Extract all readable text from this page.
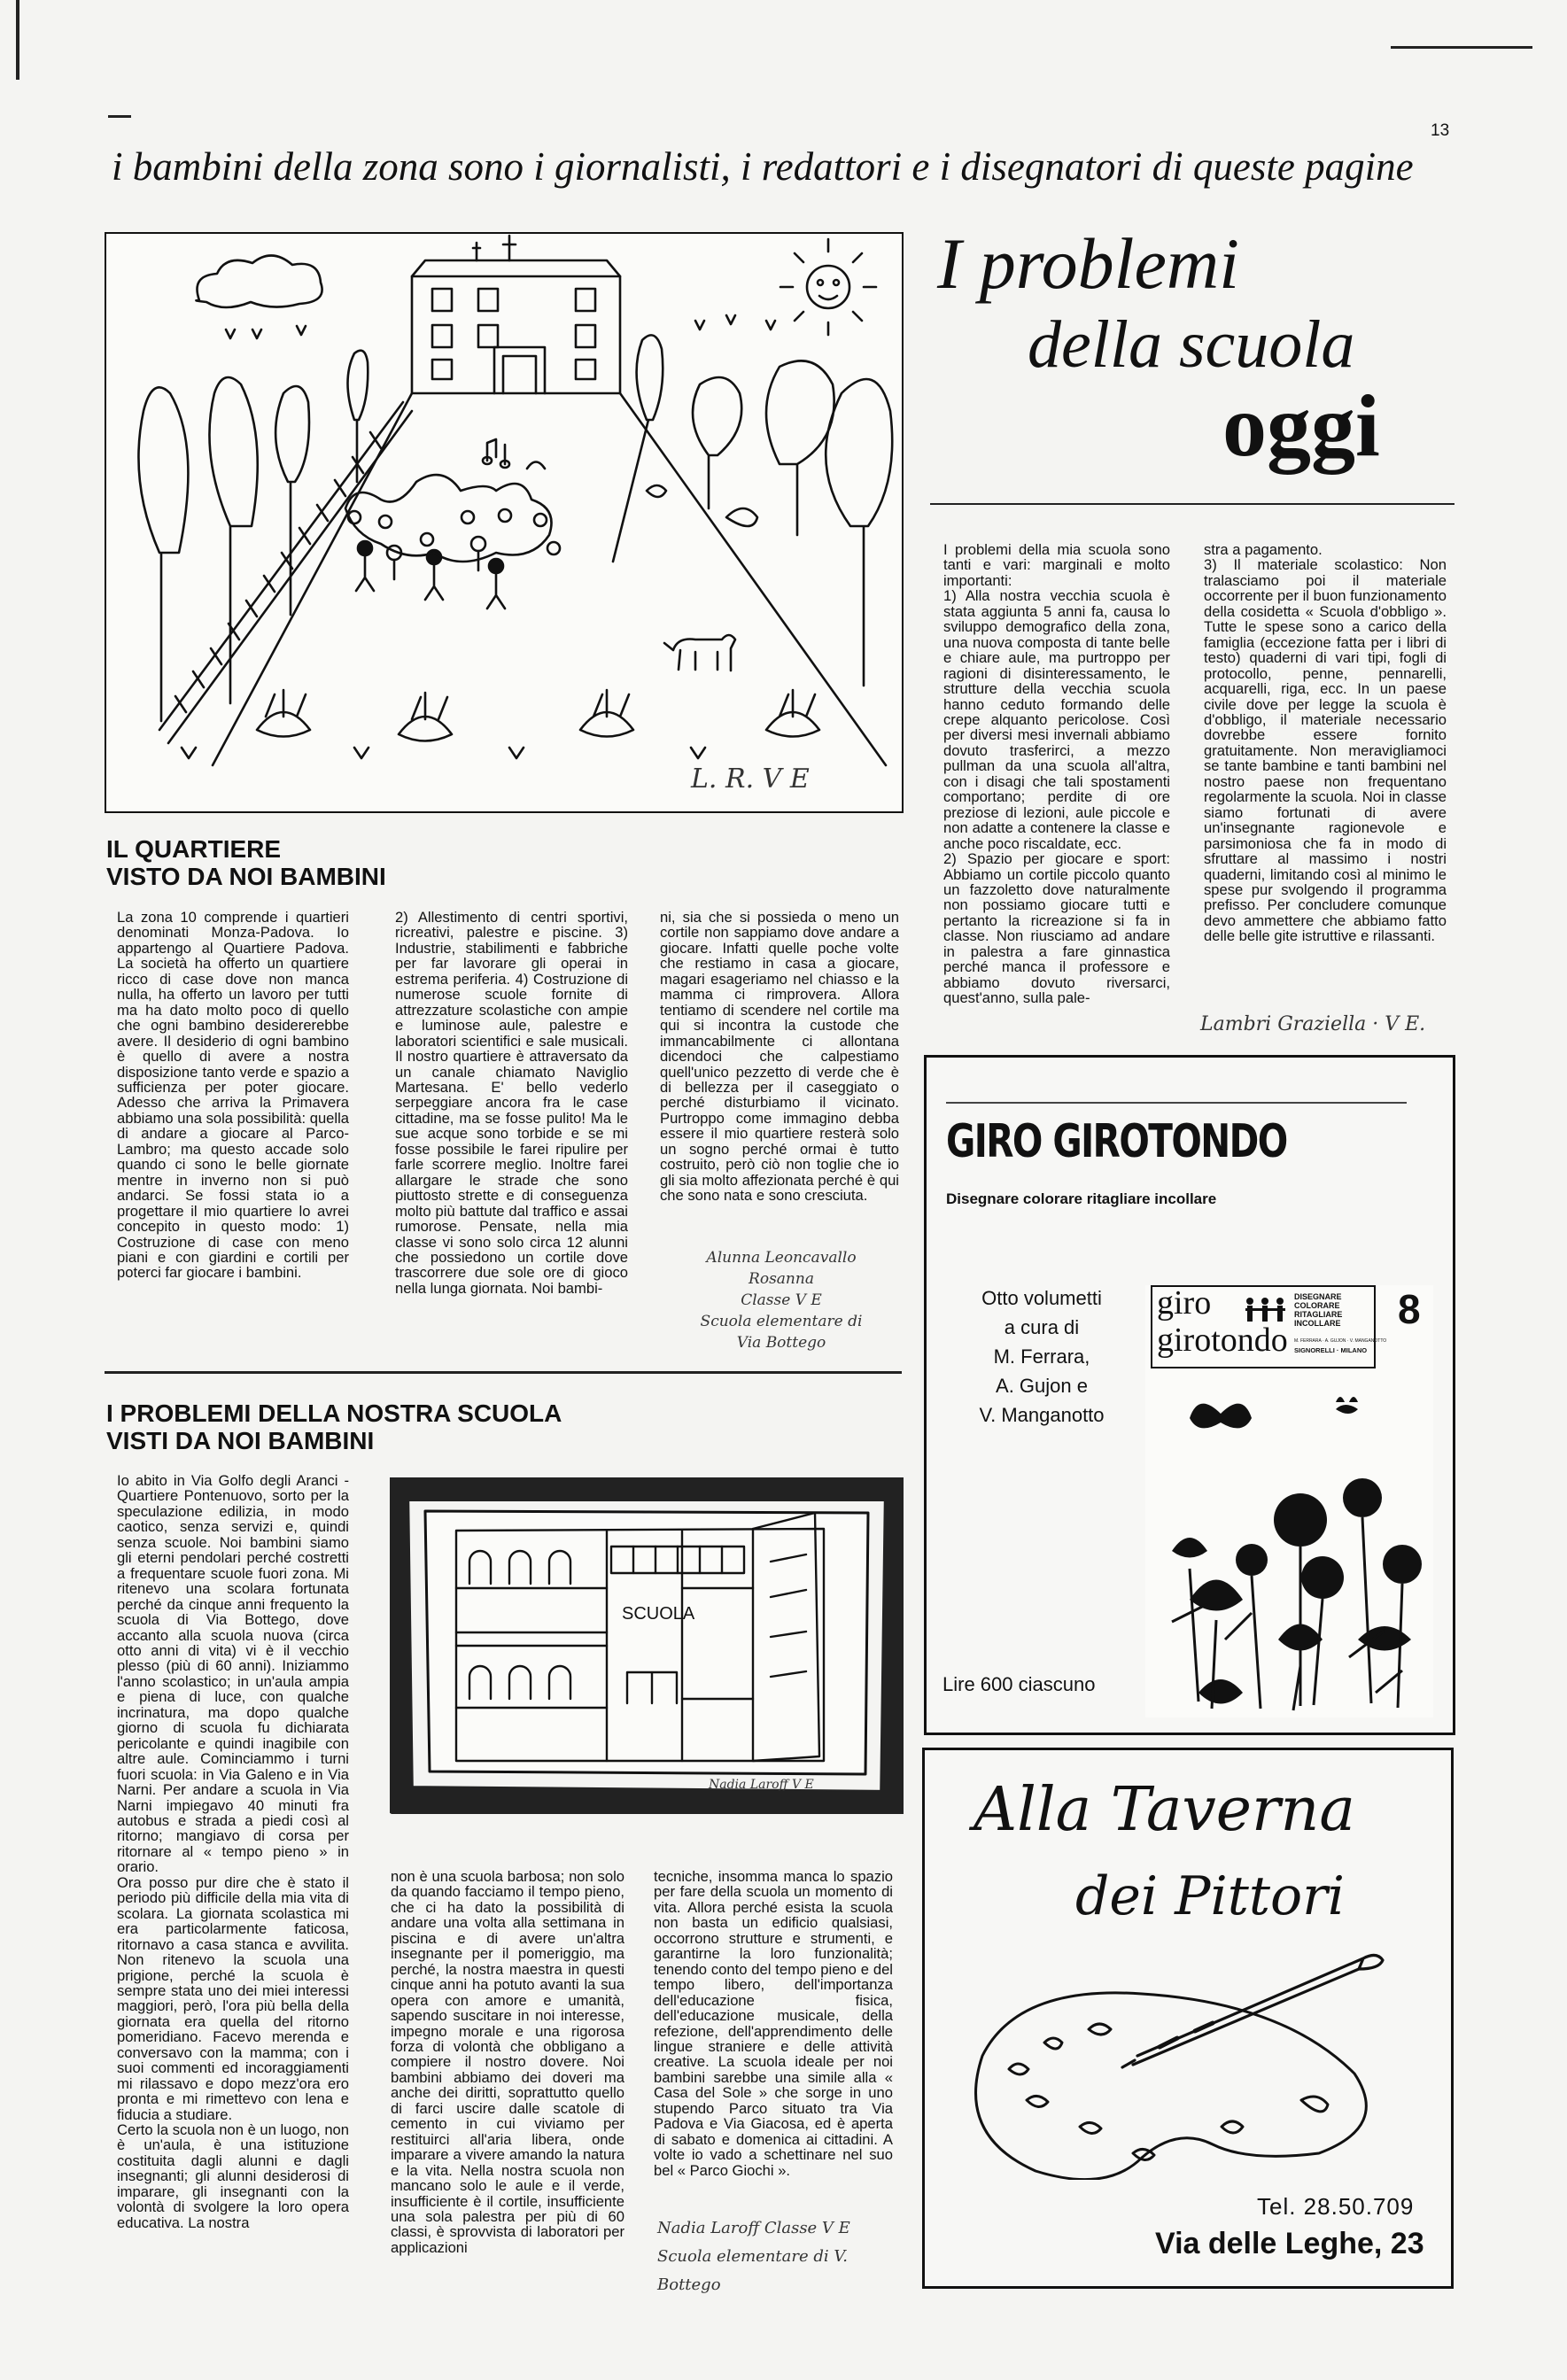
13
i bambini della zona sono i giornalisti, i redattori e i disegnatori di queste pagine
L. R. V E
I problemi
della scuola
oggi

I problemi della mia scuola sono tanti e vari: marginali e molto importanti:

1) Alla nostra vecchia scuola è stata aggiunta 5 anni fa, causa lo sviluppo demografico della zona, una nuova composta di tante belle e chiare aule, ma purtroppo per ragioni di disinteressamento, le strutture della vecchia scuola hanno ceduto formando delle crepe alquanto pericolose. Così per diversi mesi invernali abbiamo dovuto trasferirci, a mezzo pullman da una scuola all'altra, con i disagi che tali spostamenti comportano; perdite di ore preziose di lezioni, aule piccole e non adatte a contenere la classe e anche poco riscaldate, ecc.

2) Spazio per giocare e sport: Abbiamo un cortile piccolo quanto un fazzoletto dove naturalmente non possiamo giocare tutti e pertanto la ricreazione si fa in classe. Non riusciamo ad andare in palestra a fare ginnastica perché manca il professore e abbiamo dovuto riversarci, quest'anno, sulla pale-

stra a pagamento.

3) Il materiale scolastico: Non tralasciamo poi il materiale occorrente per il buon funzionamento della cosidetta « Scuola d'obbligo ». Tutte le spese sono a carico della famiglia (eccezione fatta per i libri di testo) quaderni di vari tipi, fogli di protocollo, penne, pennarelli, acquarelli, riga, ecc. In un paese civile dove per legge la scuola è d'obbligo, il materiale necessario dovrebbe essere fornito gratuitamente. Non meravigliamoci se tante bambine e tanti bambini nel nostro paese non frequentano regolarmente la scuola. Noi in classe siamo fortunati di avere un'insegnante ragionevole e parsimoniosa che fa in modo di sfruttare al massimo i nostri quaderni, limitando così al minimo le spese pur svolgendo il programma prefisso. Per concludere comunque devo ammettere che abbiamo fatto delle belle gite istruttive e rilassanti.

Lambri Graziella · V E.
IL QUARTIERE
VISTO DA NOI BAMBINI
La zona 10 comprende i quartieri denominati Monza-Padova. Io appartengo al Quartiere Padova. La società ha offerto un quartiere ricco di case dove non manca nulla, ha offerto un lavoro per tutti ma ha dato molto poco di quello che ogni bambino desidererebbe avere. Il desiderio di ogni bambino è quello di avere a nostra disposizione tanto verde e spazio a sufficienza per poter giocare. Adesso che arriva la Primavera abbiamo una sola possibilità: quella di andare a giocare al Parco-Lambro; ma questo accade solo quando ci sono le belle giornate mentre in inverno non si può andarci. Se fossi stata io a progettare il mio quartiere lo avrei concepito in questo modo: 1) Costruzione di case con meno piani e con giardini e cortili per poterci far giocare i bambini.
2) Allestimento di centri sportivi, ricreativi, palestre e piscine. 3) Industrie, stabilimenti e fabbriche per far lavorare gli operai in estrema periferia. 4) Costruzione di numerose scuole fornite di attrezzature scolastiche con ampie e luminose aule, palestre e laboratori scientifici e sale musicali. Il nostro quartiere è attraversato da un canale chiamato Naviglio Martesana. E' bello vederlo serpeggiare ancora fra le case cittadine, ma se fosse pulito! Ma le sue acque sono torbide e se mi fosse possibile le farei ripulire per farle scorrere meglio. Inoltre farei allargare le strade che sono piuttosto strette e di conseguenza molto più battute dal traffico e assai rumorose. Pensate, nella mia classe vi sono solo circa 12 alunni che possiedono un cortile dove trascorrere due sole ore di gioco nella lunga giornata. Noi bambi-
ni, sia che si possieda o meno un cortile non sappiamo dove andare a giocare. Infatti quelle poche volte che restiamo in casa a giocare, magari esageriamo nel chiasso e la mamma ci rimprovera. Allora tentiamo di scendere nel cortile ma qui si incontra la custode che immancabilmente ci allontana dicendoci che calpestiamo quell'unico pezzetto di verde che è di bellezza per il caseggiato o perché disturbiamo il vicinato. Purtroppo come immagino debba essere il mio quartiere resterà solo un sogno perché ormai è tutto costruito, però ciò non toglie che io gli sia molto affezionata perché è qui che sono nata e sono cresciuta.
Alunna Leoncavallo Rosanna
Classe V E
Scuola elementare di
Via Bottego
I PROBLEMI DELLA NOSTRA SCUOLA
VISTI DA NOI BAMBINI

Io abito in Via Golfo degli Aranci - Quartiere Pontenuovo, sorto per la speculazione edilizia, in modo caotico, senza servizi e, quindi senza scuole. Noi bambini siamo gli eterni pendolari perché costretti a frequentare scuole fuori zona. Mi ritenevo una scolara fortunata perché da cinque anni frequento la scuola di Via Bottego, dove accanto alla scuola nuova (circa otto anni di vita) vi è il vecchio plesso (più di 60 anni). Iniziammo l'anno scolastico; in un'aula ampia e piena di luce, con qualche incrinatura, ma dopo qualche giorno di scuola fu dichiarata pericolante e quindi inagibile con altre aule. Cominciammo i turni fuori scuola: in Via Galeno e in Via Narni. Per andare a scuola in Via Narni impiegavo 40 minuti fra autobus e strada a piedi così al ritorno; mangiavo di corsa per ritornare al « tempo pieno » in orario.

Ora posso pur dire che è stato il periodo più difficile della mia vita di scolara. La giornata scolastica mi era particolarmente faticosa, ritornavo a casa stanca e avvilita. Non ritenevo la scuola una prigione, perché la scuola è sempre stata uno dei miei interessi maggiori, però, l'ora più bella della giornata era quella del ritorno pomeridiano. Facevo merenda e conversavo con la mamma; con i suoi commenti ed incoraggiamenti mi rilassavo e dopo mezz'ora ero pronta e mi rimettevo con lena e fiducia a studiare.

Certo la scuola non è un luogo, non è un'aula, è una istituzione costituita dagli alunni e dagli insegnanti; gli alunni desiderosi di imparare, gli insegnanti con la volontà di svolgere la loro opera educativa. La nostra

SCUOLA
Nadia Laroff V E
non è una scuola barbosa; non solo da quando facciamo il tempo pieno, che ci ha dato la possibilità di andare una volta alla settimana in piscina e di avere un'altra insegnante per il pomeriggio, ma perché, la nostra maestra in questi cinque anni ha potuto avanti la sua opera con amore e umanità, sapendo suscitare in noi interesse, impegno morale e una rigorosa forza di volontà che obbligano a compiere il nostro dovere. Noi bambini abbiamo dei doveri ma anche dei diritti, soprattutto quello di farci uscire dalle scatole di cemento in cui viviamo per restituirci all'aria libera, onde imparare a vivere amando la natura e la vita. Nella nostra scuola non mancano solo le aule e il verde, insufficiente è il cortile, insufficiente una sola palestra per più di 60 classi, è sprovvista di laboratori per applicazioni
tecniche, insomma manca lo spazio per fare della scuola un momento di vita. Allora perché esista la scuola non basta un edificio qualsiasi, occorrono strutture e strumenti, e garantirne la loro funzionalità; tenendo conto del tempo pieno e del tempo libero, dell'importanza dell'educazione fisica, dell'educazione musicale, della refezione, dell'apprendimento delle lingue straniere e delle attività creative. La scuola ideale per noi bambini sarebbe una simile alla « Casa del Sole » che sorge in uno stupendo Parco situato tra Via Padova e Via Giacosa, ed è aperta di sabato e domenica ai cittadini. A volte io vado a schettinare nel suo bel « Parco Giochi ».
Nadia Laroff Classe V E
Scuola elementare di V. Bottego
GIRO GIROTONDO
Disegnare colorare ritagliare incollare
Otto volumetti
a cura di
M. Ferrara,
A. Gujon e
V. Manganotto
Lire 600 ciascuno
giro
girotondo
DISEGNARE
COLORARE
RITAGLIARE
INCOLLARE
M. FERRARA · A. GUJON · V. MANGANOTTO
SIGNORELLI · MILANO
8
Alla Taverna
dei Pittori
Tel. 28.50.709
Via delle Leghe, 23
